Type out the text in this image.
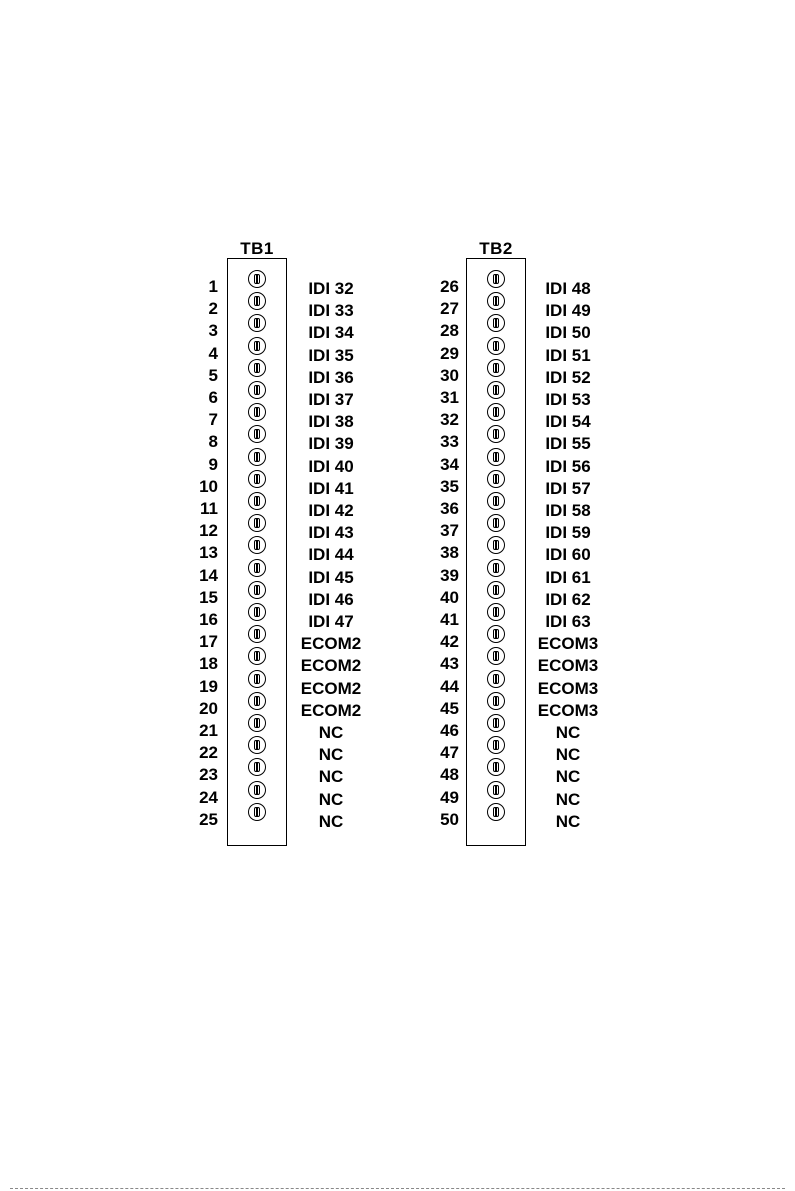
TB1
1	IDI 32
2	IDI 33
3	IDI 34
4	IDI 35
5	IDI 36
6	IDI 37
7	IDI 38
8	IDI 39
9	IDI 40
10	IDI 41
11	IDI 42
12	IDI 43
13	IDI 44
14	IDI 45
15	IDI 46
16	IDI 47
17	ECOM2
18	ECOM2
19	ECOM2
20	ECOM2
21	NC
22	NC
23	NC
24	NC
25	NC
TB2
26	IDI 48
27	IDI 49
28	IDI 50
29	IDI 51
30	IDI 52
31	IDI 53
32	IDI 54
33	IDI 55
34	IDI 56
35	IDI 57
36	IDI 58
37	IDI 59
38	IDI 60
39	IDI 61
40	IDI 62
41	IDI 63
42	ECOM3
43	ECOM3
44	ECOM3
45	ECOM3
46	NC
47	NC
48	NC
49	NC
50	NC
